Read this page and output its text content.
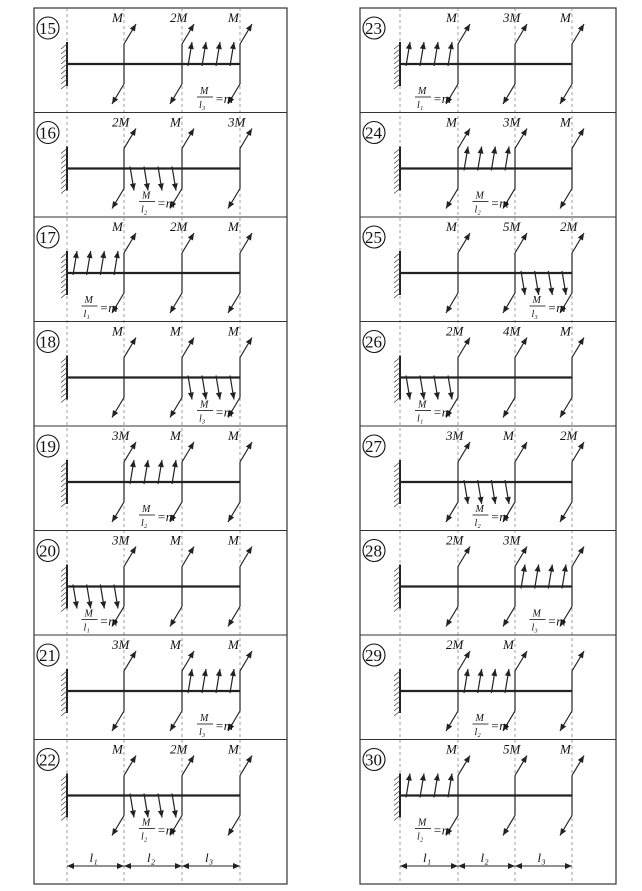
15
M	2M	M
M
l₃ =m
16
2M	M	3M
M
l₂ =m
17
M	2M	M
M
l₁ =m
18
M	M	M
M
l₃ =m
19
3M	M	M
M
l₂ =m
20
3M	M	M
M
l₁ =m
21
3M	M	M
M
l₃ =m
22
M	2M	M
M
l₂ =m
l₁	l₂	l₃
23
M	3M	M
M
l₁ =m
24
M	3M	M
M
l₂ =m
25
M	5M	2M
M
l₃ =m
26
2M	4M	M
M
l₁ =m
27
3M	M	2M
M
l₂ =m
28
2M	3M
M
l₃ =m
29
2M	M
M
l₂ =m
30
M	5M	M
M
l₂ =m
l₁	l₂	l₃
